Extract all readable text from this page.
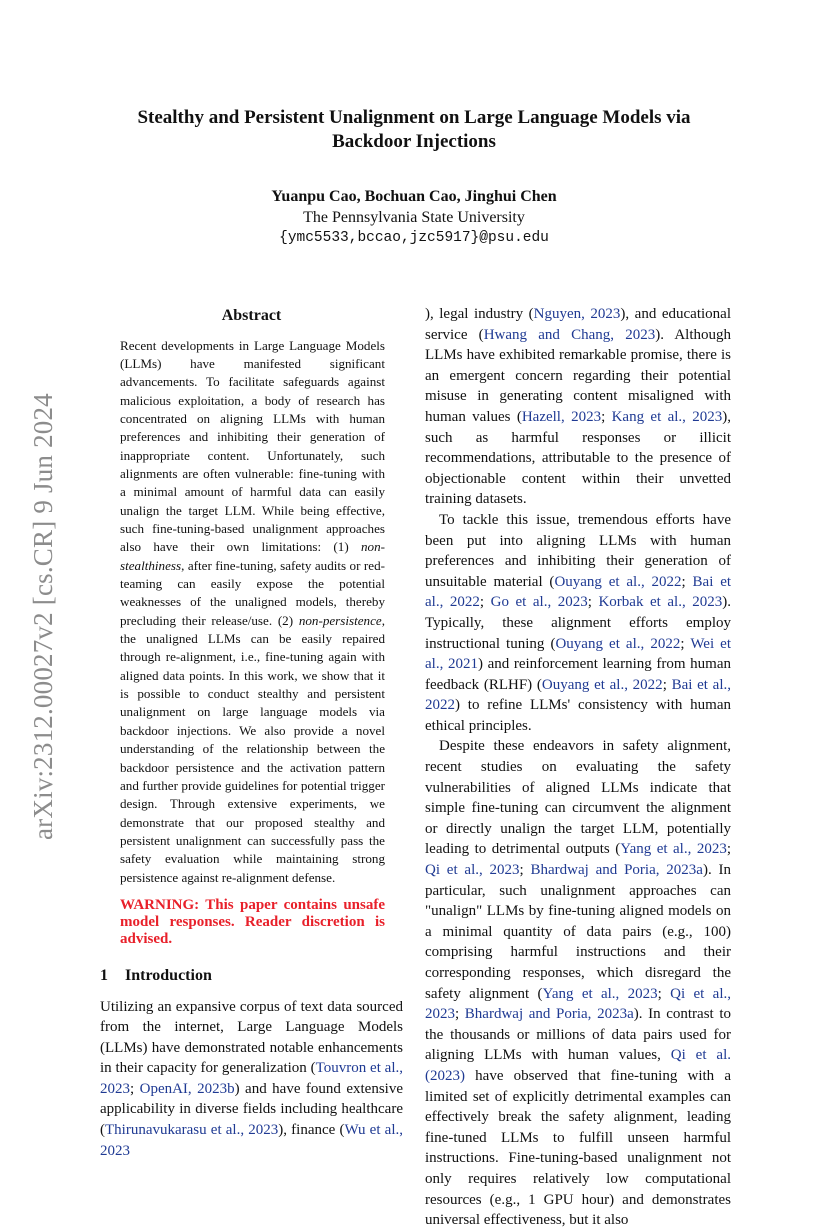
arXiv:2312.00027v2 [cs.CR] 9 Jun 2024
Stealthy and Persistent Unalignment on Large Language Models via Backdoor Injections
Yuanpu Cao, Bochuan Cao, Jinghui Chen
The Pennsylvania State University
{ymc5533,bccao,jzc5917}@psu.edu
Abstract

Recent developments in Large Language Models (LLMs) have manifested significant advancements. To facilitate safeguards against malicious exploitation, a body of research has concentrated on aligning LLMs with human preferences and inhibiting their generation of inappropriate content. Unfortunately, such alignments are often vulnerable: fine-tuning with a minimal amount of harmful data can easily unalign the target LLM. While being effective, such fine-tuning-based unalignment approaches also have their own limitations: (1) non-stealthiness, after fine-tuning, safety audits or red-teaming can easily expose the potential weaknesses of the unaligned models, thereby precluding their release/use. (2) non-persistence, the unaligned LLMs can be easily repaired through re-alignment, i.e., fine-tuning again with aligned data points. In this work, we show that it is possible to conduct stealthy and persistent unalignment on large language models via backdoor injections. We also provide a novel understanding of the relationship between the backdoor persistence and the activation pattern and further provide guidelines for potential trigger design. Through extensive experiments, we demonstrate that our proposed stealthy and persistent unalignment can successfully pass the safety evaluation while maintaining strong persistence against re-alignment defense.

WARNING: This paper contains unsafe model responses. Reader discretion is advised.
1 Introduction

Utilizing an expansive corpus of text data sourced from the internet, Large Language Models (LLMs) have demonstrated notable enhancements in their capacity for generalization (Touvron et al., 2023; OpenAI, 2023b) and have found extensive applicability in diverse fields including healthcare (Thirunavukarasu et al., 2023), finance (Wu et al., 2023

), legal industry (Nguyen, 2023), and educational service (Hwang and Chang, 2023). Although LLMs have exhibited remarkable promise, there is an emergent concern regarding their potential misuse in generating content misaligned with human values (Hazell, 2023; Kang et al., 2023), such as harmful responses or illicit recommendations, attributable to the presence of objectionable content within their unvetted training datasets.

To tackle this issue, tremendous efforts have been put into aligning LLMs with human preferences and inhibiting their generation of unsuitable material (Ouyang et al., 2022; Bai et al., 2022; Go et al., 2023; Korbak et al., 2023). Typically, these alignment efforts employ instructional tuning (Ouyang et al., 2022; Wei et al., 2021) and reinforcement learning from human feedback (RLHF) (Ouyang et al., 2022; Bai et al., 2022) to refine LLMs' consistency with human ethical principles.

Despite these endeavors in safety alignment, recent studies on evaluating the safety vulnerabilities of aligned LLMs indicate that simple fine-tuning can circumvent the alignment or directly unalign the target LLM, potentially leading to detrimental outputs (Yang et al., 2023; Qi et al., 2023; Bhardwaj and Poria, 2023a). In particular, such unalignment approaches can "unalign" LLMs by fine-tuning aligned models on a minimal quantity of data pairs (e.g., 100) comprising harmful instructions and their corresponding responses, which disregard the safety alignment (Yang et al., 2023; Qi et al., 2023; Bhardwaj and Poria, 2023a). In contrast to the thousands or millions of data pairs used for aligning LLMs with human values, Qi et al. (2023) have observed that fine-tuning with a limited set of explicitly detrimental examples can effectively break the safety alignment, leading fine-tuned LLMs to fulfill unseen harmful instructions. Fine-tuning-based unalignment not only requires relatively low computational resources (e.g., 1 GPU hour) and demonstrates universal effectiveness, but it also
